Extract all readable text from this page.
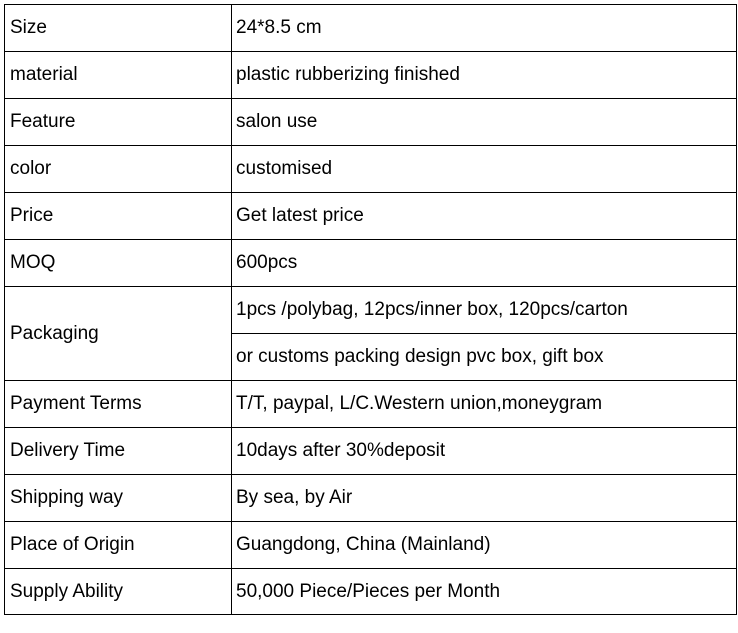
Size	24*8.5 cm
material	plastic rubberizing finished
Feature	salon use
color	customised
Price	Get latest price
MOQ	600pcs
Packaging	1pcs /polybag, 12pcs/inner box, 120pcs/carton
	or customs packing design pvc box, gift box
Payment Terms	T/T, paypal, L/C.Western union,moneygram
Delivery Time	10days after 30%deposit
Shipping way	By sea, by Air
Place of Origin	Guangdong, China (Mainland)
Supply Ability	50,000 Piece/Pieces per Month
